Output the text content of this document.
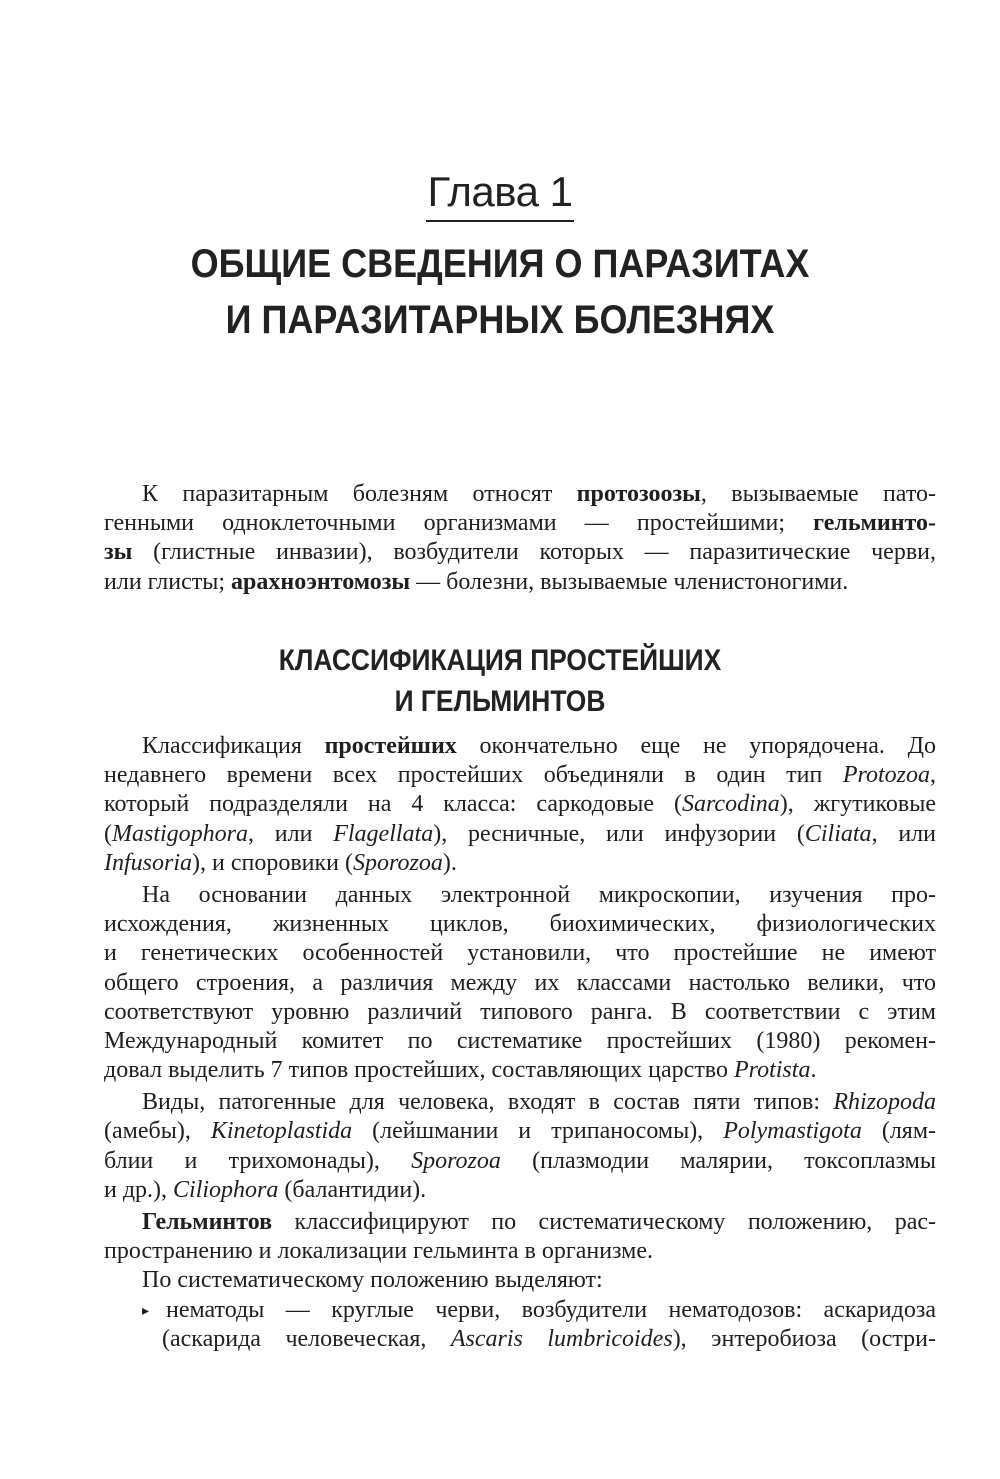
Глава 1
ОБЩИЕ СВЕДЕНИЯ О ПАРАЗИТАХ
И ПАРАЗИТАРНЫХ БОЛЕЗНЯХ
К паразитарным болезням относят протозоозы, вызываемые пато-
генными одноклеточными организмами — простейшими; гельминто-
зы (глистные инвазии), возбудители которых — паразитические черви,
или глисты; арахноэнтомозы — болезни, вызываемые членистоногими.
КЛАССИФИКАЦИЯ ПРОСТЕЙШИХ
И ГЕЛЬМИНТОВ
Классификация простейших окончательно еще не упорядочена. До
недавнего времени всех простейших объединяли в один тип Protozoa,
который подразделяли на 4 класса: саркодовые (Sarcodina), жгутиковые
(Mastigophora, или Flagellata), ресничные, или инфузории (Ciliata, или
Infusoria), и споровики (Sporozoa).
На основании данных электронной микроскопии, изучения про-
исхождения, жизненных циклов, биохимических, физиологических
и генетических особенностей установили, что простейшие не имеют
общего строения, а различия между их классами настолько велики, что
соответствуют уровню различий типового ранга. В соответствии с этим
Международный комитет по систематике простейших (1980) рекомен-
довал выделить 7 типов простейших, составляющих царство Protista.
Виды, патогенные для человека, входят в состав пяти типов: Rhizopoda
(амебы), Kinetoplastida (лейшмании и трипаносомы), Polymastigota (лям-
блии и трихомонады), Sporozoa (плазмодии малярии, токсоплазмы
и др.), Ciliophora (балантидии).
Гельминтов классифицируют по систематическому положению, рас-
пространению и локализации гельминта в организме.
По систематическому положению выделяют:
▸ нематоды — круглые черви, возбудители нематодозов: аскаридоза
(аскарида человеческая, Ascaris lumbricoides), энтеробиоза (остри-
